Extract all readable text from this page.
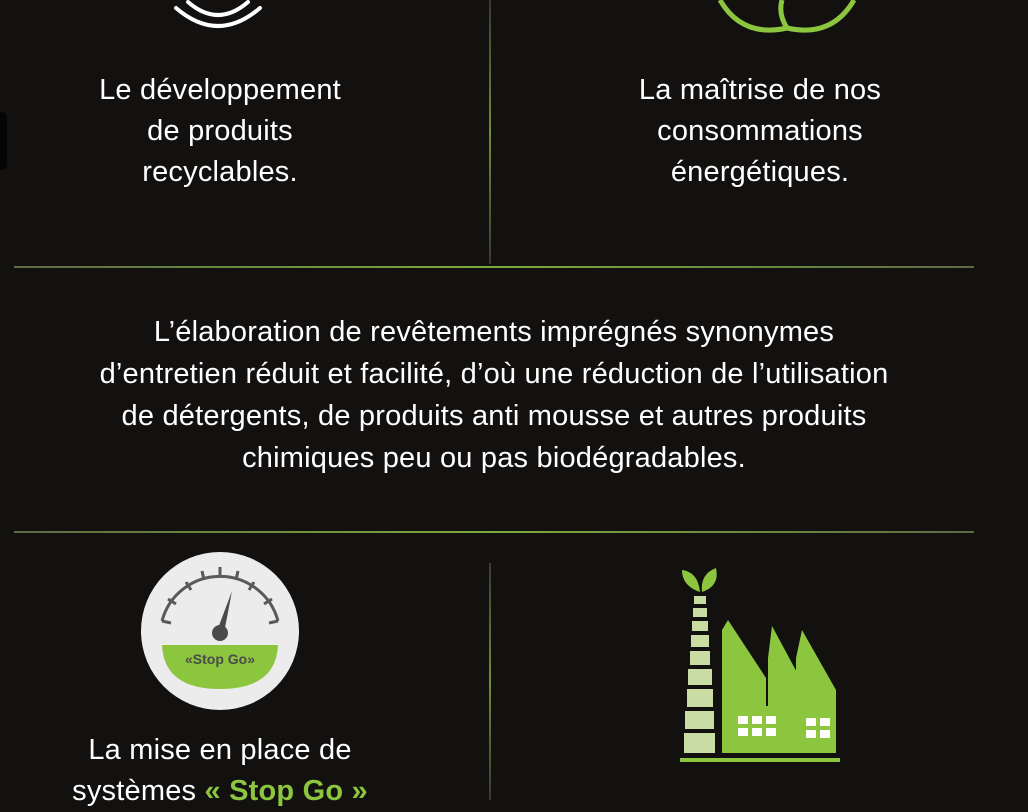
Le développement
de produits
recyclables.
La maîtrise de nos
consommations
énergétiques.
L’élaboration de revêtements imprégnés synonymes
d’entretien réduit et facilité, d’où une réduction de l’utilisation
de détergents, de produits anti mousse et autres produits
chimiques peu ou pas biodégradables.
«Stop Go»
La mise en place de
systèmes « Stop Go »
